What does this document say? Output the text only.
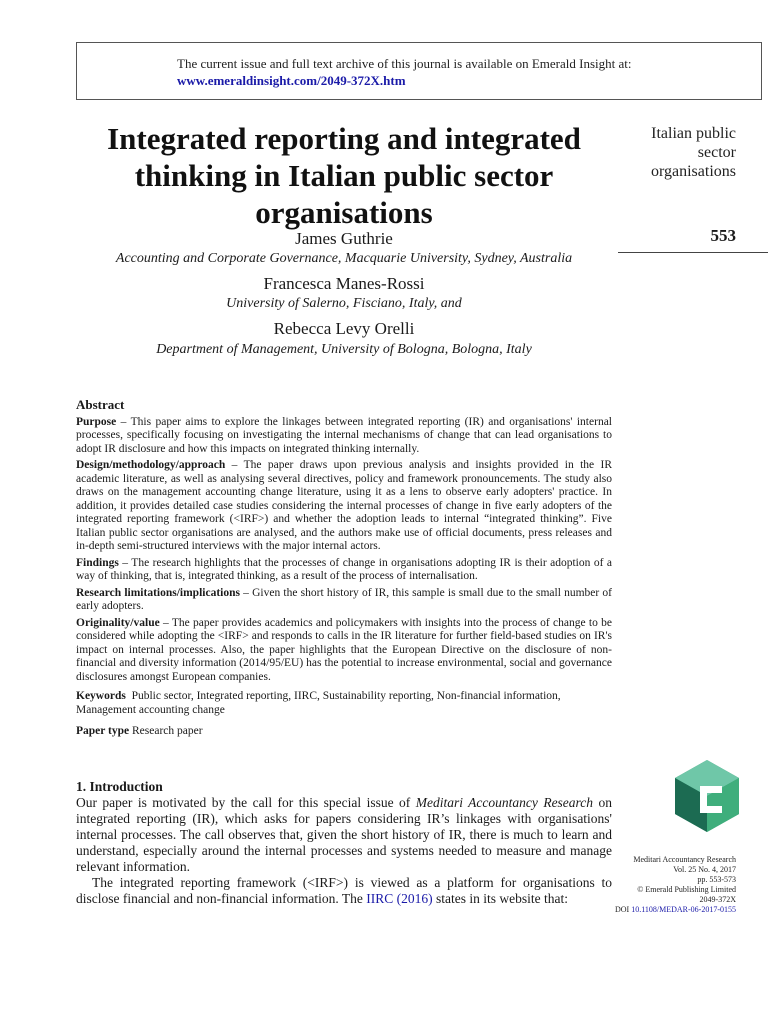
The current issue and full text archive of this journal is available on Emerald Insight at:
www.emeraldinsight.com/2049-372X.htm
Integrated reporting and integrated thinking in Italian public sector organisations
James Guthrie
Accounting and Corporate Governance, Macquarie University, Sydney, Australia
Francesca Manes-Rossi
University of Salerno, Fisciano, Italy, and
Rebecca Levy Orelli
Department of Management, University of Bologna, Bologna, Italy
Italian public sector organisations
553
Abstract

Purpose – This paper aims to explore the linkages between integrated reporting (IR) and organisations' internal processes, specifically focusing on investigating the internal mechanisms of change that can lead organisations to adopt IR disclosure and how this impacts on integrated thinking internally.

Design/methodology/approach – The paper draws upon previous analysis and insights provided in the IR academic literature, as well as analysing several directives, policy and framework pronouncements. The study also draws on the management accounting change literature, using it as a lens to observe early adopters' practice. In addition, it provides detailed case studies considering the internal processes of change in five early adopters of the integrated reporting framework (<IRF>) and whether the adoption leads to internal “integrated thinking”. Five Italian public sector organisations are analysed, and the authors make use of official documents, press releases and in-depth semi-structured interviews with the major internal actors.

Findings – The research highlights that the processes of change in organisations adopting IR is their adoption of a way of thinking, that is, integrated thinking, as a result of the process of internalisation.

Research limitations/implications – Given the short history of IR, this sample is small due to the small number of early adopters.

Originality/value – The paper provides academics and policymakers with insights into the process of change to be considered while adopting the <IRF> and responds to calls in the IR literature for further field-based studies on IR's impact on internal processes. Also, the paper highlights that the European Directive on the disclosure of non-financial and diversity information (2014/95/EU) has the potential to increase environmental, social and governance disclosures amongst European companies.

Keywords Public sector, Integrated reporting, IIRC, Sustainability reporting, Non-financial information, Management accounting change

Paper type Research paper

1. Introduction

Our paper is motivated by the call for this special issue of Meditari Accountancy Research on integrated reporting (IR), which asks for papers considering IR’s linkages with organisations' internal processes. The call observes that, given the short history of IR, there is much to learn and understand, especially around the internal processes and systems needed to measure and manage relevant information.

The integrated reporting framework (<IRF>) is viewed as a platform for organisations to disclose financial and non-financial information. The IIRC (2016) states in its website that:

Meditari Accountancy Research
Vol. 25 No. 4, 2017
pp. 553-573
© Emerald Publishing Limited
2049-372X
DOI 10.1108/MEDAR-06-2017-0155
